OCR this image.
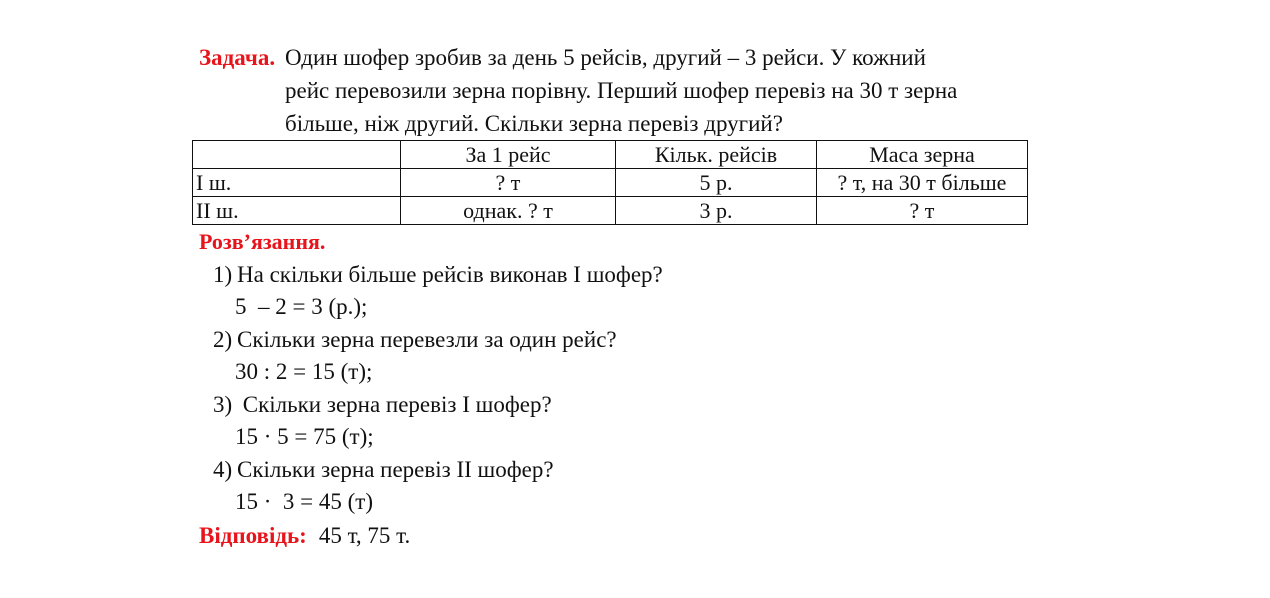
Задача. Один шофер зробив за день 5 рейсів, другий – 3 рейси. У кожний
рейс перевозили зерна порівну. Перший шофер перевіз на 30 т зерна
більше, ніж другий. Скільки зерна перевіз другий?
	За 1 рейс	Кільк. рейсів	Маса зерна
І ш.	? т	5 р.	? т, на 30 т більше
ІІ ш.	однак. ? т	3 р.	? т
Розв’язання.
1) На скільки більше рейсів виконав І шофер?
5  – 2 = 3 (р.);
2) Скільки зерна перевезли за один рейс?
30 : 2 = 15 (т);
3) Скільки зерна перевіз І шофер?
15 · 5 = 75 (т);
4) Скільки зерна перевіз ІІ шофер?
15 ·  3 = 45 (т)
Відповідь: 45 т, 75 т.
